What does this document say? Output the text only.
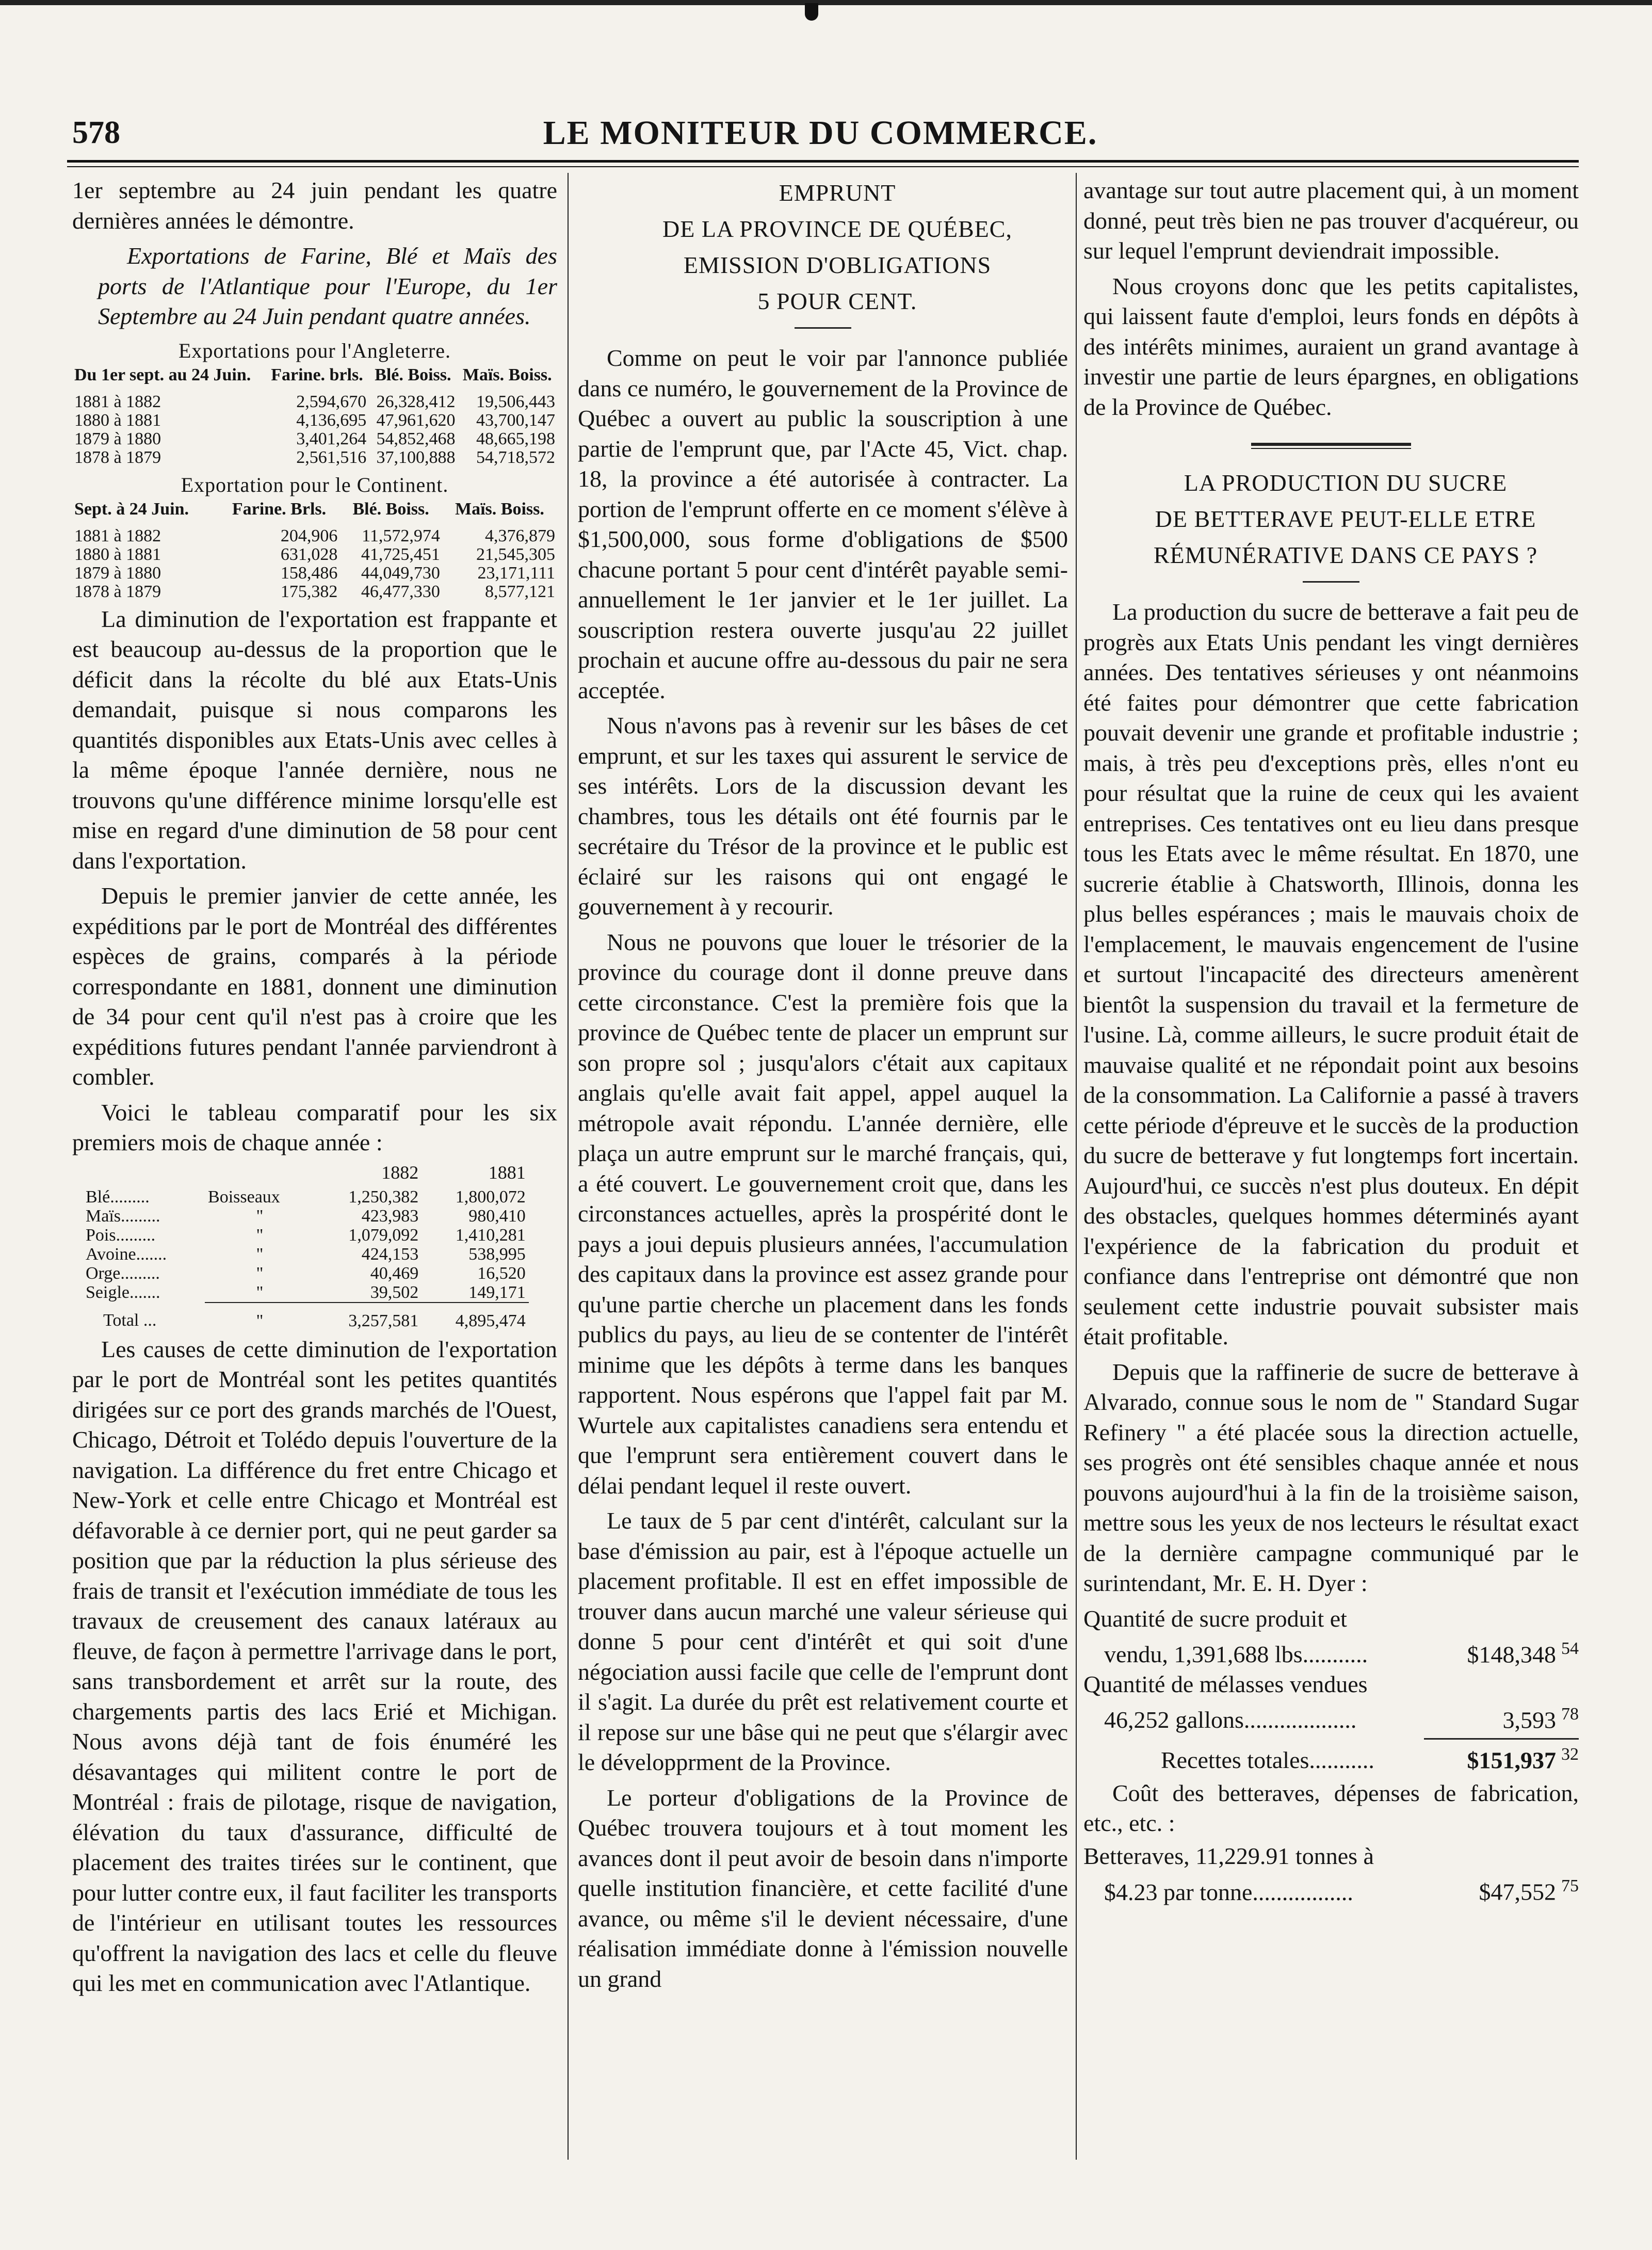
578	LE MONITEUR DU COMMERCE.

1er septembre au 24 juin pendant les quatre dernières années le démontre.

Exportations de Farine, Blé et Maïs des ports de l'Atlantique pour l'Europe, du 1er Septembre au 24 Juin pendant quatre années.

Exportations pour l'Angleterre.
Du 1er sept. au 24 Juin.	Farine. brls.	Blé. Boiss.	Maïs. Boiss.
1881 à 1882	2,594,670	26,328,412	19,506,443
1880 à 1881	4,136,695	47,961,620	43,700,147
1879 à 1880	3,401,264	54,852,468	48,665,198
1878 à 1879	2,561,516	37,100,888	54,718,572
Exportation pour le Continent.
Sept. à 24 Juin.	Farine. Brls.	Blé. Boiss.	Maïs. Boiss.
1881 à 1882	204,906	11,572,974	4,376,879
1880 à 1881	631,028	41,725,451	21,545,305
1879 à 1880	158,486	44,049,730	23,171,111
1878 à 1879	175,382	46,477,330	8,577,121

La diminution de l'exportation est frappante et est beaucoup au-dessus de la proportion que le déficit dans la récolte du blé aux Etats-Unis demandait, puisque si nous comparons les quantités disponibles aux Etats-Unis avec celles à la même époque l'année dernière, nous ne trouvons qu'une différence minime lorsqu'elle est mise en regard d'une diminution de 58 pour cent dans l'exportation.

Depuis le premier janvier de cette année, les expéditions par le port de Montréal des différentes espèces de grains, comparés à la période correspondante en 1881, donnent une diminution de 34 pour cent qu'il n'est pas à croire que les expéditions futures pendant l'année parviendront à combler.

Voici le tableau comparatif pour les six premiers mois de chaque année :

		1882	1881
Blé.........	Boisseaux	1,250,382	1,800,072
Maïs.........	"	423,983	980,410
Pois.........	"	1,079,092	1,410,281
Avoine.......	"	424,153	538,995
Orge.........	"	40,469	16,520
Seigle.......	"	39,502	149,171
Total ...	"	3,257,581	4,895,474

Les causes de cette diminution de l'exportation par le port de Montréal sont les petites quantités dirigées sur ce port des grands marchés de l'Ouest, Chicago, Détroit et Tolédo depuis l'ouverture de la navigation. La différence du fret entre Chicago et New-York et celle entre Chicago et Montréal est défavorable à ce dernier port, qui ne peut garder sa position que par la réduction la plus sérieuse des frais de transit et l'exécution immédiate de tous les travaux de creusement des canaux latéraux au fleuve, de façon à permettre l'arrivage dans le port, sans transbordement et arrêt sur la route, des chargements partis des lacs Erié et Michigan. Nous avons déjà tant de fois énuméré les désavantages qui militent contre le port de Montréal : frais de pilotage, risque de navigation, élévation du taux d'assurance, difficulté de placement des traites tirées sur le continent, que pour lutter contre eux, il faut faciliter les transports de l'intérieur en utilisant toutes les ressources qu'offrent la navigation des lacs et celle du fleuve qui les met en communication avec l'Atlantique.

EMPRUNT

DE LA PROVINCE DE QUÉBEC,

EMISSION D'OBLIGATIONS

5 POUR CENT.

Comme on peut le voir par l'annonce publiée dans ce numéro, le gouvernement de la Province de Québec a ouvert au public la souscription à une partie de l'emprunt que, par l'Acte 45, Vict. chap. 18, la province a été autorisée à contracter. La portion de l'emprunt offerte en ce moment s'élève à $1,500,000, sous forme d'obligations de $500 chacune portant 5 pour cent d'intérêt payable semi-annuellement le 1er janvier et le 1er juillet. La souscription restera ouverte jusqu'au 22 juillet prochain et aucune offre au-dessous du pair ne sera acceptée.

Nous n'avons pas à revenir sur les bâses de cet emprunt, et sur les taxes qui assurent le service de ses intérêts. Lors de la discussion devant les chambres, tous les détails ont été fournis par le secrétaire du Trésor de la province et le public est éclairé sur les raisons qui ont engagé le gouvernement à y recourir.

Nous ne pouvons que louer le trésorier de la province du courage dont il donne preuve dans cette circonstance. C'est la première fois que la province de Québec tente de placer un emprunt sur son propre sol ; jusqu'alors c'était aux capitaux anglais qu'elle avait fait appel, appel auquel la métropole avait répondu. L'année dernière, elle plaça un autre emprunt sur le marché français, qui, a été couvert. Le gouvernement croit que, dans les circonstances actuelles, après la prospérité dont le pays a joui depuis plusieurs années, l'accumulation des capitaux dans la province est assez grande pour qu'une partie cherche un placement dans les fonds publics du pays, au lieu de se contenter de l'intérêt minime que les dépôts à terme dans les banques rapportent. Nous espérons que l'appel fait par M. Wurtele aux capitalistes canadiens sera entendu et que l'emprunt sera entièrement couvert dans le délai pendant lequel il reste ouvert.

Le taux de 5 par cent d'intérêt, calculant sur la base d'émission au pair, est à l'époque actuelle un placement profitable. Il est en effet impossible de trouver dans aucun marché une valeur sérieuse qui donne 5 pour cent d'intérêt et qui soit d'une négociation aussi facile que celle de l'emprunt dont il s'agit. La durée du prêt est relativement courte et il repose sur une bâse qui ne peut que s'élargir avec le développrment de la Province.

Le porteur d'obligations de la Province de Québec trouvera toujours et à tout moment les avances dont il peut avoir de besoin dans n'importe quelle institution financière, et cette facilité d'une avance, ou même s'il le devient nécessaire, d'une réalisation immédiate donne à l'émission nouvelle un grand

avantage sur tout autre placement qui, à un moment donné, peut très bien ne pas trouver d'acquéreur, ou sur lequel l'emprunt deviendrait impossible.

Nous croyons donc que les petits capitalistes, qui laissent faute d'emploi, leurs fonds en dépôts à des intérêts minimes, auraient un grand avantage à investir une partie de leurs épargnes, en obligations de la Province de Québec.

LA PRODUCTION DU SUCRE

DE BETTERAVE PEUT-ELLE ETRE

RÉMUNÉRATIVE DANS CE PAYS ?

La production du sucre de betterave a fait peu de progrès aux Etats Unis pendant les vingt dernières années. Des tentatives sérieuses y ont néanmoins été faites pour démontrer que cette fabrication pouvait devenir une grande et profitable industrie ; mais, à très peu d'exceptions près, elles n'ont eu pour résultat que la ruine de ceux qui les avaient entreprises. Ces tentatives ont eu lieu dans presque tous les Etats avec le même résultat. En 1870, une sucrerie établie à Chatsworth, Illinois, donna les plus belles espérances ; mais le mauvais choix de l'emplacement, le mauvais engencement de l'usine et surtout l'incapacité des directeurs amenèrent bientôt la suspension du travail et la fermeture de l'usine. Là, comme ailleurs, le sucre produit était de mauvaise qualité et ne répondait point aux besoins de la consommation. La Californie a passé à travers cette période d'épreuve et le succès de la production du sucre de betterave y fut longtemps fort incertain. Aujourd'hui, ce succès n'est plus douteux. En dépit des obstacles, quelques hommes déterminés ayant l'expérience de la fabrication du produit et confiance dans l'entreprise ont démontré que non seulement cette industrie pouvait subsister mais était profitable.

Depuis que la raffinerie de sucre de betterave à Alvarado, connue sous le nom de " Standard Sugar Refinery " a été placée sous la direction actuelle, ses progrès ont été sensibles chaque année et nous pouvons aujourd'hui à la fin de la troisième saison, mettre sous les yeux de nos lecteurs le résultat exact de la dernière campagne communiqué par le surintendant, Mr. E. H. Dyer :

Quantité de sucre produit et
vendu, 1,391,688 lbs...........	$148,348 $^{54}$
Quantité de mélasses vendues
46,252 gallons...................	3,593 $^{78}$
Recettes totales...........	$151,937 $^{32}$

Coût des betteraves, dépenses de fabrication, etc., etc. :

Betteraves, 11,229.91 tonnes à
$4.23 par tonne.................	$47,552 $^{75}$
